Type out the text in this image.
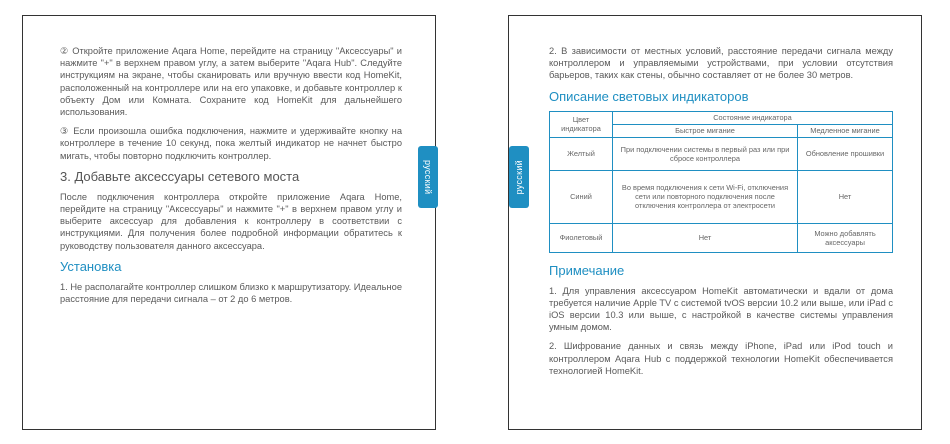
② Откройте приложение Aqara Home, перейдите на страницу "Аксессуары" и нажмите "+" в верхнем правом углу, а затем выберите "Aqara Hub". Следуйте инструкциям на экране, чтобы сканировать или вручную ввести код HomeKit, расположенный на контроллере или на его упаковке, и добавьте контроллер к объекту Дом или Комната. Сохраните код HomeKit для дальнейшего использования.

③ Если произошла ошибка подключения, нажмите и удерживайте кнопку на контроллере в течение 10 секунд, пока желтый индикатор не начнет быстро мигать, чтобы повторно подключить контроллер.

3. Добавьте аксессуары сетевого моста

После подключения контроллера откройте приложение Aqara Home, перейдите на страницу "Аксессуары" и нажмите "+" в верхнем правом углу и выберите аксессуар для добавления к контроллеру в соответствии с инструкциями. Для получения более подробной информации обратитесь к руководству пользователя данного аксессуара.

Установка

1. Не располагайте контроллер слишком близко к маршрутизатору. Идеальное расстояние для передачи сигнала – от 2 до 6 метров.

русский

2. В зависимости от местных условий, расстояние передачи сигнала между контроллером и управляемыми устройствами, при условии отсутствия барьеров, таких как стены, обычно составляет от не более 30 метров.

Описание световых индикаторов
Цвет индикатора	Состояние индикатора	
	Быстрое мигание	Медленное мигание
Желтый	При подключении системы в первый раз или при сбросе контроллера	Обновление прошивки
Синий	Во время подключения к сети Wi-Fi, отключения сети или повторного подключения после отключения контроллера от электросети	Нет
Фиолетовый	Нет	Можно добавлять аксессуары
Примечание

1. Для управления аксессуаром HomeKit автоматически и вдали от дома требуется наличие Apple TV с системой tvOS версии 10.2 или выше, или iPad с iOS версии 10.3 или выше, с настройкой в качестве системы управления умным домом.

2. Шифрование данных и связь между iPhone, iPad или iPod touch и контроллером Aqara Hub с поддержкой технологии HomeKit обеспечивается технологией HomeKit.

русский
